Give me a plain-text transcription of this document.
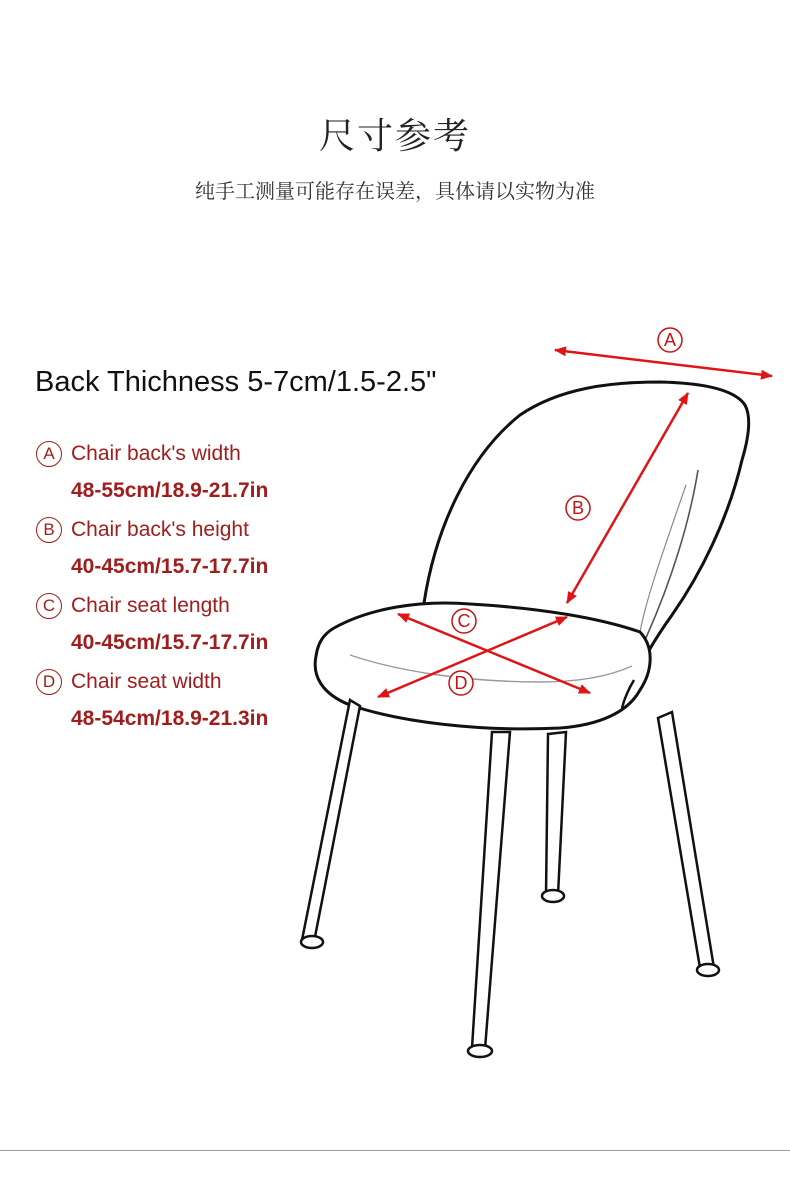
尺寸参考
纯手工测量可能存在误差，具体请以实物为准
Back Thichness 5-7cm/1.5-2.5"
A Chair back's width
48-55cm/18.9-21.7in
B Chair back's height
40-45cm/15.7-17.7in
C Chair seat length
40-45cm/15.7-17.7in
D Chair seat width
48-54cm/18.9-21.3in
A
B
C
D
